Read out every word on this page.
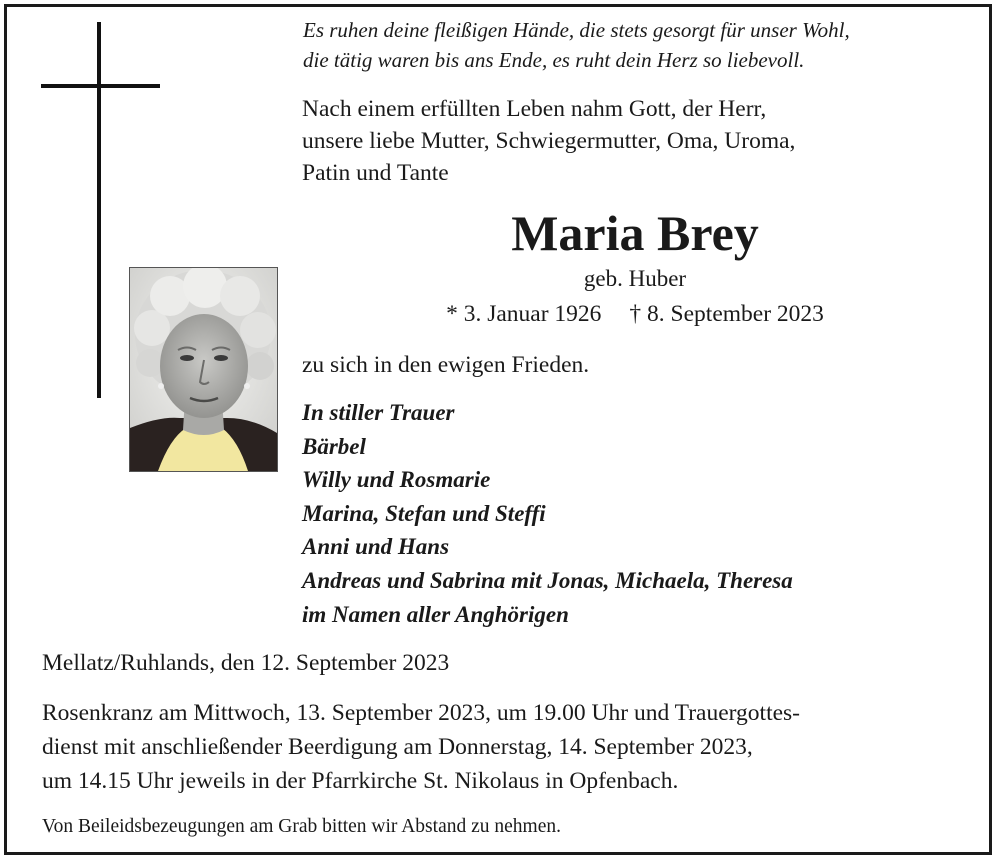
Es ruhen deine fleißigen Hände, die stets gesorgt für unser Wohl,
die tätig waren bis ans Ende, es ruht dein Herz so liebevoll.
Nach einem erfüllten Leben nahm Gott, der Herr,
unsere liebe Mutter, Schwiegermutter, Oma, Uroma,
Patin und Tante
Maria Brey
geb. Huber
* 3. Januar 1926 † 8. September 2023
zu sich in den ewigen Frieden.
In stiller Trauer
Bärbel
Willy und Rosmarie
Marina, Stefan und Steffi
Anni und Hans
Andreas und Sabrina mit Jonas, Michaela, Theresa
im Namen aller Anghörigen
Mellatz/Ruhlands, den 12. September 2023
Rosenkranz am Mittwoch, 13. September 2023, um 19.00 Uhr und Trauergottes-
dienst mit anschließender Beerdigung am Donnerstag, 14. September 2023,
um 14.15 Uhr jeweils in der Pfarrkirche St. Nikolaus in Opfenbach.
Von Beileidsbezeugungen am Grab bitten wir Abstand zu nehmen.
